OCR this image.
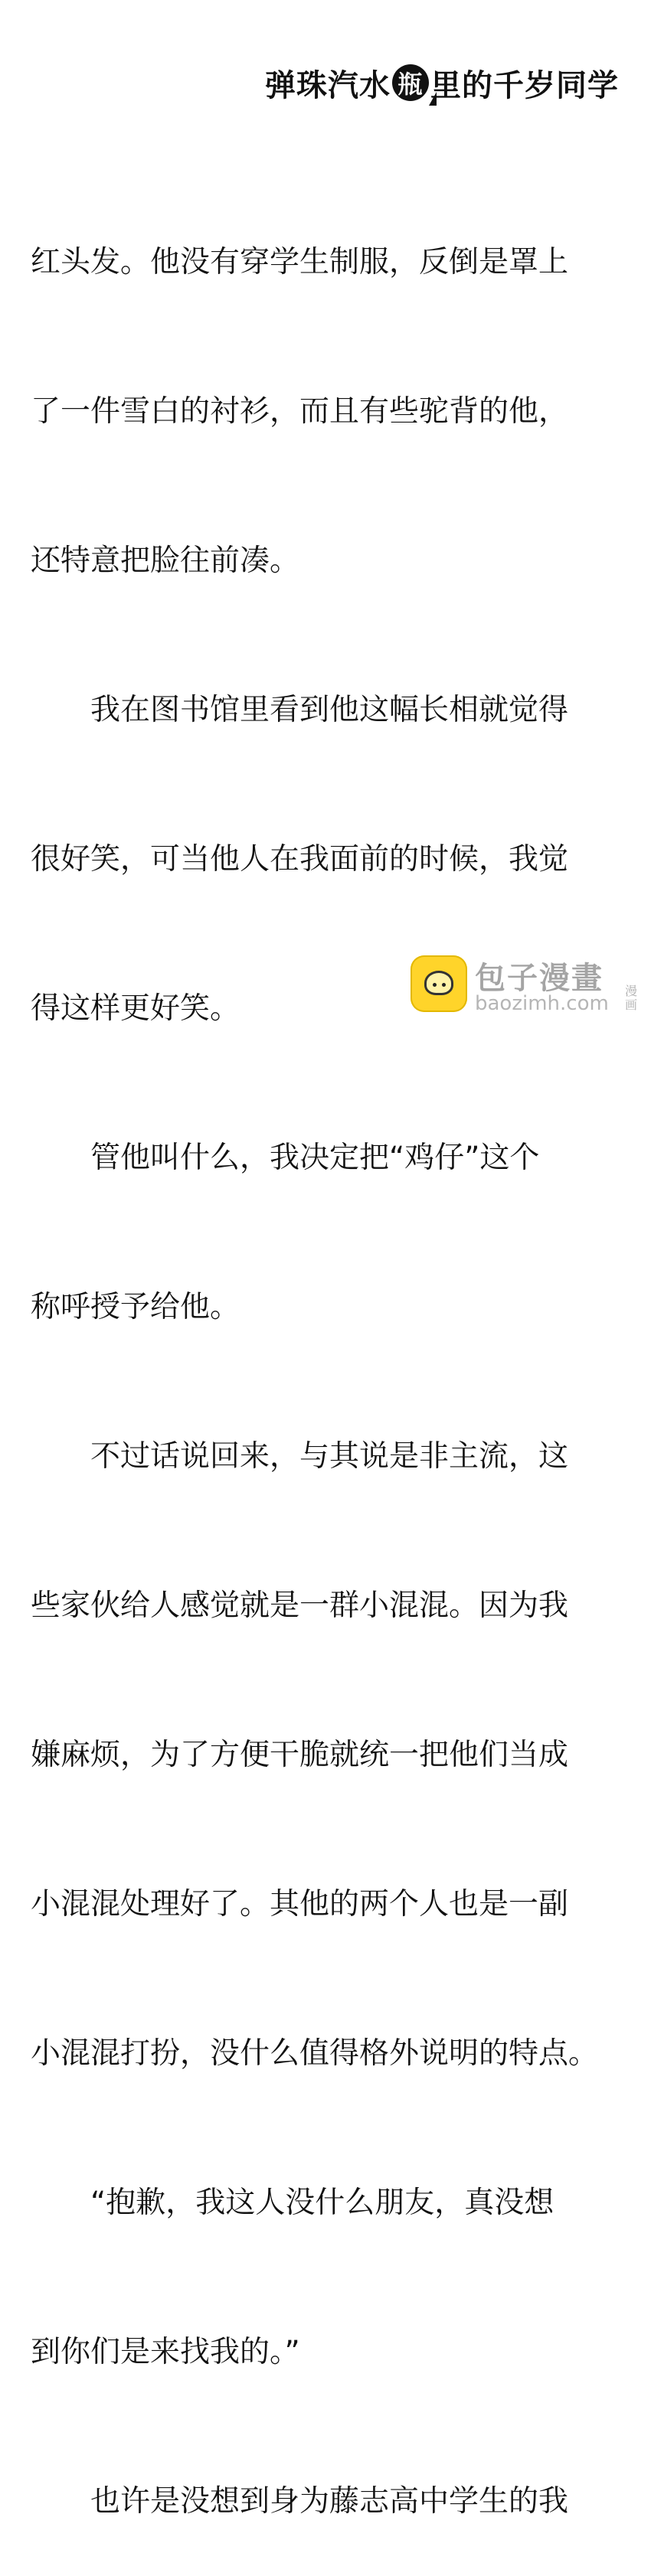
弹珠汽水 瓶 里的千岁同学

红头发。他没有穿学生制服，反倒是罩上

了一件雪白的衬衫，而且有些驼背的他，

还特意把脸往前凑。

　　我在图书馆里看到他这幅长相就觉得

很好笑，可当他人在我面前的时候，我觉

得这样更好笑。

　　管他叫什么，我决定把“鸡仔”这个

称呼授予给他。

　　不过话说回来，与其说是非主流，这

些家伙给人感觉就是一群小混混。因为我

嫌麻烦，为了方便干脆就统一把他们当成

小混混处理好了。其他的两个人也是一副

小混混打扮，没什么值得格外说明的特点。

　　“抱歉，我这人没什么朋友，真没想

到你们是来找我的。”

　　也许是没想到身为藤志高中学生的我

包子漫畫
baozimh.com
漫
画
